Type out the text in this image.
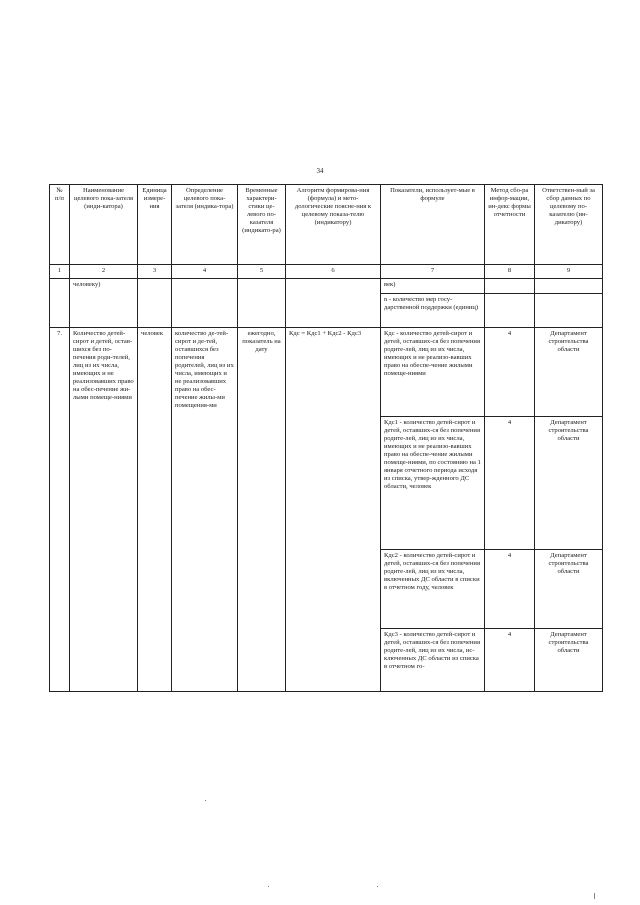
34
№ п/п	Наименование целевого пока-зателя (инди-катора)	Единица измере-ния	Определение целевого пока-зателя (индика-тора)	Временные характери-стики це-левого по-казателя (индикато-ра)	Алгоритм формирова-ния (формула) и мето-дологические поясне-ния к целевому показа-телю (индикатору)	Показатели, использует-мые в формуле	Метод сбо-ра инфор-мации, ин-декс формы отчетности	Ответствен-ный за сбор данных по целевому по-казателю (ин-дикатору)
1	2	3	4	5	6	7	8	9
	человеку)					век)		
						n - количество мер госу-дарственной поддержки (единиц)		
7.	Количество детей-сирот и детей, остав-шихся без по-печения роди-телей, лиц из их числа, имеющих и не реализовавших право на обес-печение жи-лыми помеще-ниями	человек	количество де-тей-сирот и де-тей, оставшихся без попечения родителей, лиц из их числа, имеющих и не реализовавших право на обес-печение жилы-ми помещения-ми	ежегодно, показатель на дату	Кдс = Кдс1 + Кдс2 - Кдс3	Кдс - количество детей-сирот и детей, оставших-ся без попечения родите-лей, лиц из их числа, имеющих и не реализо-вавших право на обеспе-чение жилыми помеще-ниями	4	Департамент строительства области
						Кдс1 - количество детей-сирот и детей, оставших-ся без попечения родите-лей, лиц из их числа, имеющих и не реализо-вавших право на обеспе-чение жилыми помеще-ниями, по состоянию на 1 января отчетного периода исходя из списка, утвер-жденного ДС области, человек	4	Департамент строительства области
						Кдс2 - количество детей-сирот и детей, оставших-ся без попечения родите-лей, лиц из их числа, включенных ДС области в списки в отчетном году, человек	4	Департамент строительства области
						Кдс3 - количество детей-сирот и детей, оставших-ся без попечения родите-лей, лиц из их числа, ис-ключенных ДС области из списка в отчетном го-	4	Департамент строительства области
